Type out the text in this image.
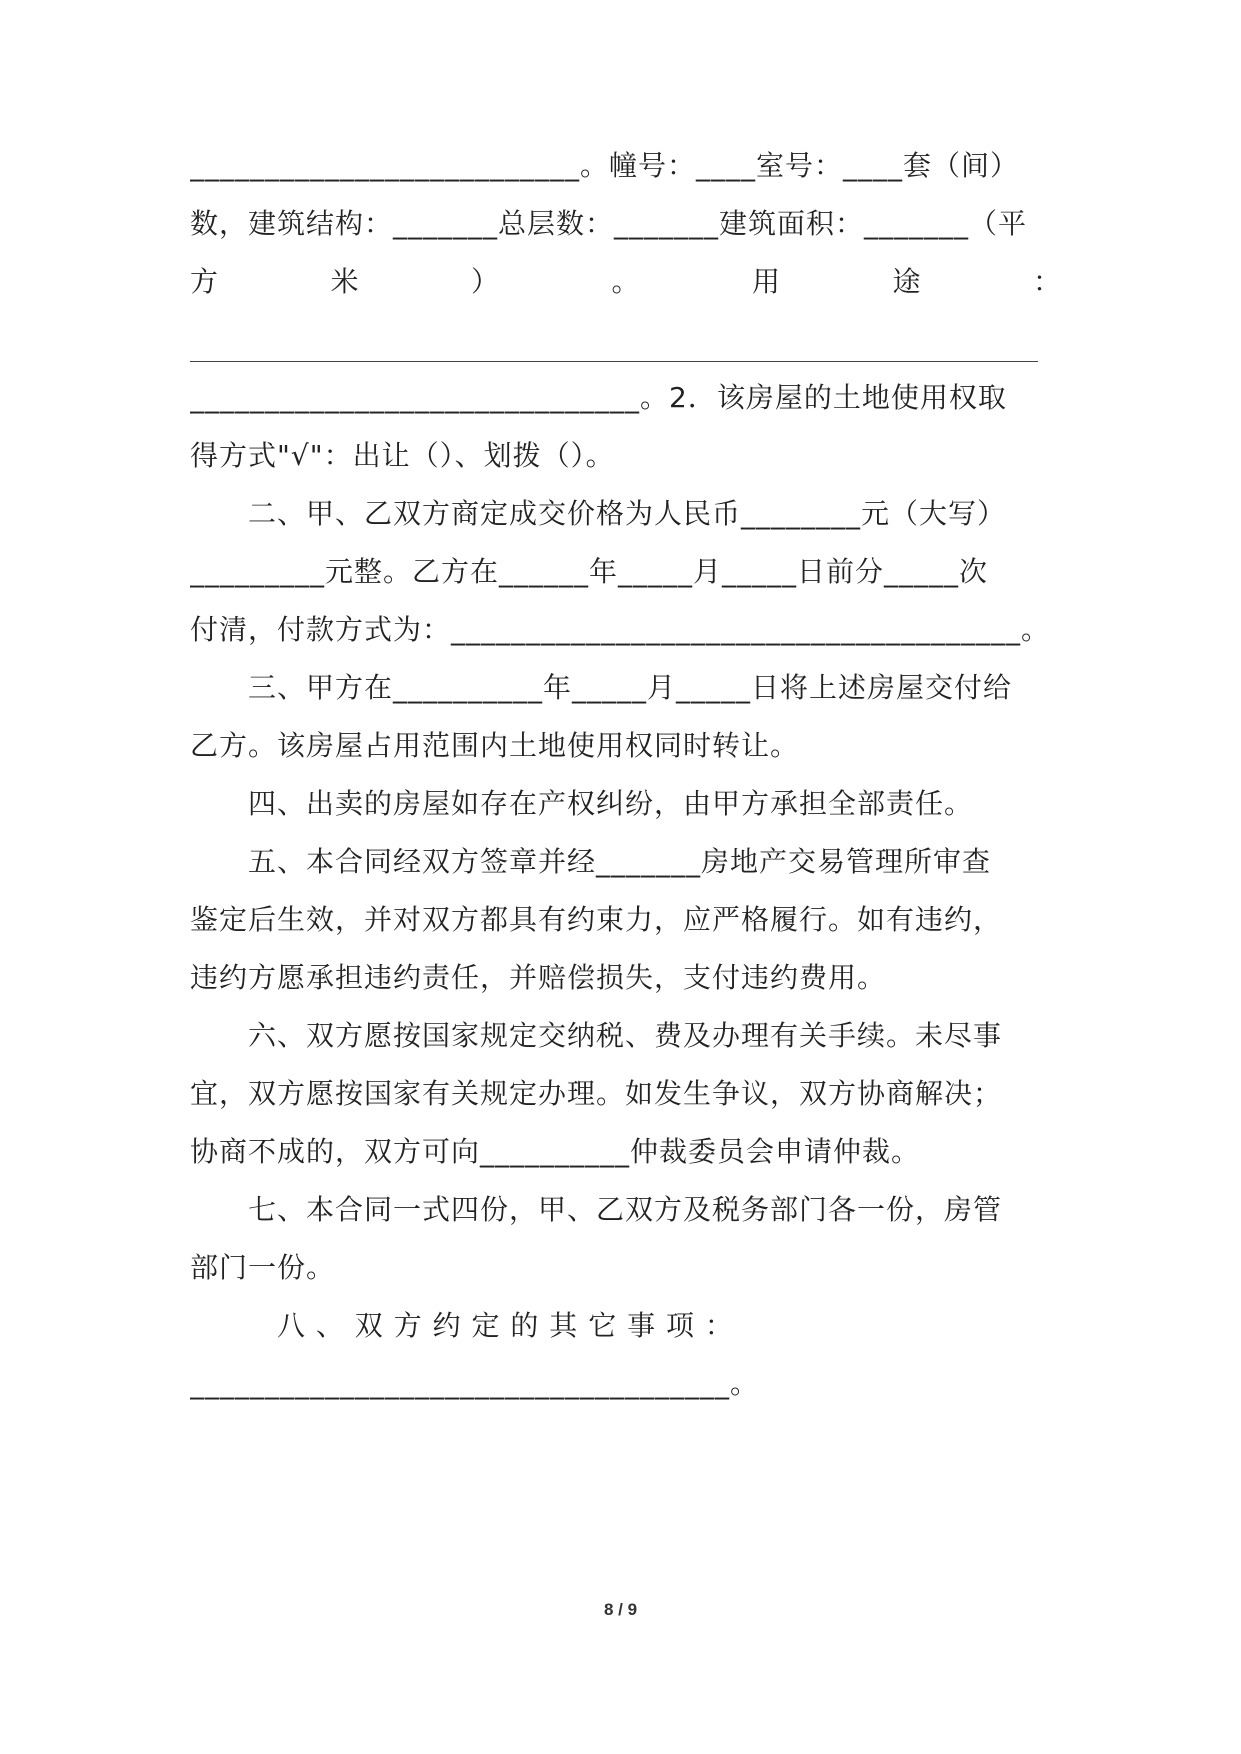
__________________________。幢号：____室号：____套（间）
数，建筑结构：_______总层数：_______建筑面积：_______（平
方 米 ） 。 用 途 ：
______________________________。2．该房屋的土地使用权取
得方式"√"：出让（）、划拨（）。
　　二、甲、乙双方商定成交价格为人民币________元（大写）
_________元整。乙方在______年_____月_____日前分_____次
付清，付款方式为：______________________________________。
　　三、甲方在__________年_____月_____日将上述房屋交付给
乙方。该房屋占用范围内土地使用权同时转让。
　　四、出卖的房屋如存在产权纠纷，由甲方承担全部责任。
　　五、本合同经双方签章并经_______房地产交易管理所审查
鉴定后生效，并对双方都具有约束力，应严格履行。如有违约，
违约方愿承担违约责任，并赔偿损失，支付违约费用。
　　六、双方愿按国家规定交纳税、费及办理有关手续。未尽事
宜，双方愿按国家有关规定办理。如发生争议，双方协商解决；
协商不成的，双方可向__________仲裁委员会申请仲裁。
　　七、本合同一式四份，甲、乙双方及税务部门各一份，房管
部门一份。
　　　八 、 双 方 约 定 的 其 它 事 项 ：
____________________________________。
8 / 9
